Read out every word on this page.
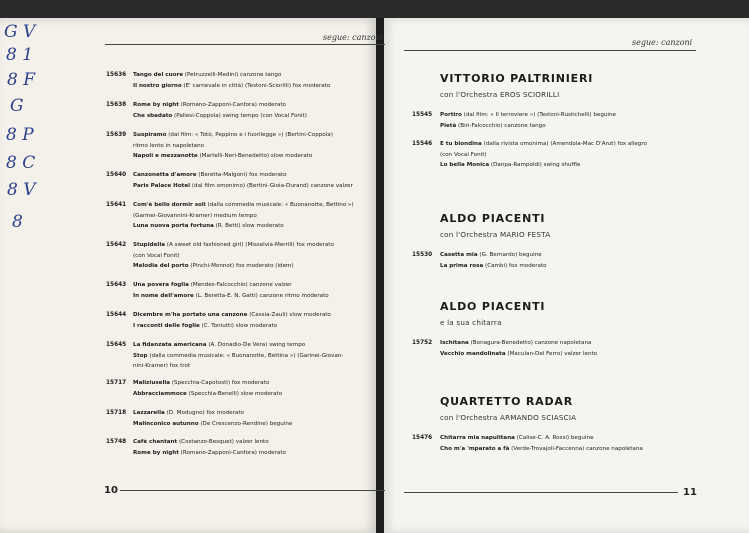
G V
8 1
8 F
G
8 P
8 C
8 V
8
segue: canzoni
segue: canzoni
15636 Tango del cuore (Petruzzelli-Medini) canzone tango
Il nostro giorno (E' carnevale in città) (Testoni-Sciorilli) fox moderato
15638 Rome by night (Romano-Zapponi-Canfora) moderato
Che sbadato (Pallesi-Coppola) swing tempo (con Vocal Fonit)
15639 Suspiramo (dal film: « Totò, Peppino e i fuorilegge ») (Bertini-Coppola)
ritmo lento in napoletano
Napoli e mezzanotte (Martelli-Neri-Benedetto) slow moderato
15640 Canzonetta d'amore (Beretta-Malgoni) fox moderato
Paris Palace Hotel (dal film omonimo) (Bertini-Gioia-Durand) canzone valzer
15641 Com'è bello dormir soli (dalla commedia musicale: « Buonanotte, Bettino »)
(Garinei-Giovannini-Kramer) medium tempo
Luna nuova porta fortuna (R. Betti) slow moderato
15642 Stupidella (A sweet old fashioned girl) (Misselvia-Merrill) fox moderato
(con Vocal Fonit)
Melodia del porto (Pinchi-Monnot) fox moderato (idem)
15643 Una povera foglia (Mendes-Falcocchio) canzone valzer
In nome dell'amore (L. Beretta-E. N. Gatti) canzone ritmo moderato
15644 Dicembre m'ha portato una canzone (Cassia-Zauli) slow moderato
I racconti delle foglie (C. Toniutti) slow moderato
15645 La fidanzata americana (A. Donadio-De Vera) swing tempo
Stop (dalla commedia musicale: « Buonanotte, Bettina ») (Garinei-Giovan-
nini-Kramer) fox trot
15717 Maliziusella (Specchia-Capotosti) fox moderato
Abbracciammoce (Specchia-Benelli) slow moderato
15718 Lazzarella (D. Modugno) fox moderato
Malinconico autunno (De Crescenzo-Rendine) beguine
15748 Cafè chantant (Costanzo-Besquet) valzer lento
Rome by night (Romano-Zapponi-Canfora) moderato
VITTORIO PALTRINIERI
con l'Orchestra EROS SCIORILLI
15545 Portiro (dal film: « Il terroviere ») (Testoni-Rustichelli) beguine
Pietà (Biri-Falcocchio) canzone tango
15546 E tu biondina (dalla rivista omonima) (Amendola-Mac D'Anzi) fox allegro
(con Vocal Fonit)
Lo bella Monica (Danpa-Rampoldi) swing shuffle
ALDO PIACENTI
con l'Orchestra MARIO FESTA
15530 Casetta mia (G. Bernardo) beguine
La prima rosa (Cambi) fox moderato
ALDO PIACENTI
e la sua chitarra
15752 Ischitana (Bonagura-Benedetto) canzone napoletana
Vecchio mandolinata (Maculan-Del Ferro) valzer lento
QUARTETTO RADAR
con l'Orchestra ARMANDO SCIASCIA
15476 Chitarra mia napulitana (Calise-C. A. Rossi) beguine
Cho m'a 'mparato a fà (Verde-Trovajoli-Faccenna) canzone napoletana
10	11
